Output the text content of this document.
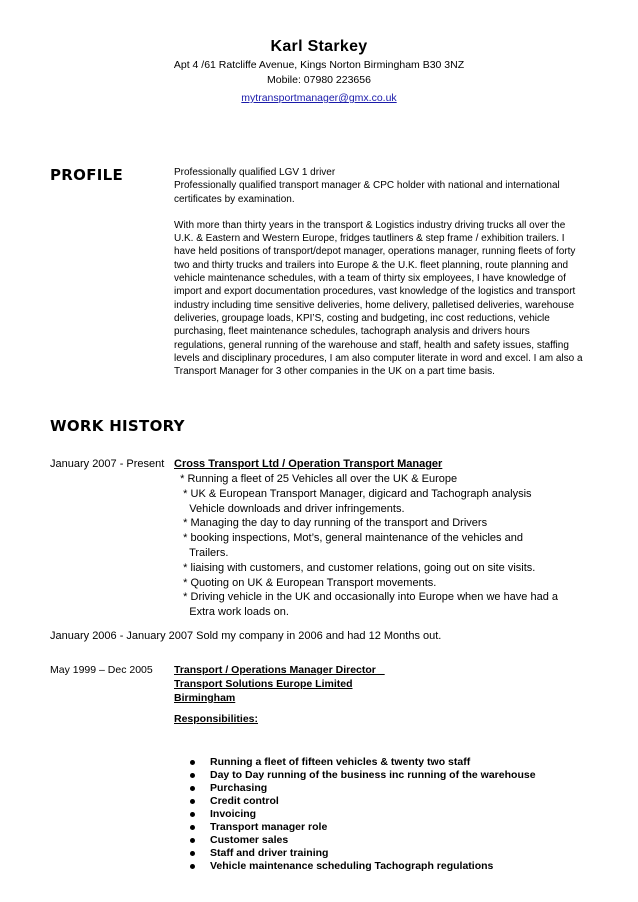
Karl Starkey
Apt 4 /61 Ratcliffe Avenue, Kings Norton Birmingham B30 3NZ
Mobile: 07980 223656
mytransportmanager@gmx.co.uk
PROFILE	Professionally qualified LGV 1 driver

Professionally qualified transport manager & CPC holder with national and international certificates by examination.

With more than thirty years in the transport & Logistics industry driving trucks all over the U.K. & Eastern and Western Europe, fridges tautliners & step frame / exhibition trailers. I have held positions of transport/depot manager, operations manager, running fleets of forty two and thirty trucks and trailers into Europe & the U.K. fleet planning, route planning and vehicle maintenance schedules, with a team of thirty six employees, I have knowledge of import and export documentation procedures, vast knowledge of the logistics and transport industry including time sensitive deliveries, home delivery, palletised deliveries, warehouse deliveries, groupage loads, KPI’S, costing and budgeting, inc cost reductions, vehicle purchasing, fleet maintenance schedules, tachograph analysis and drivers hours regulations, general running of the warehouse and staff, health and safety issues, staffing levels and disciplinary procedures, I am also computer literate in word and excel. I am also a Transport Manager for 3 other companies in the UK on a part time basis.

WORK HISTORY
January 2007 - Present Cross Transport Ltd / Operation Transport Manager
* Running a fleet of 25 Vehicles all over the UK & Europe
* UK & European Transport Manager, digicard and Tachograph analysis
Vehicle downloads and driver infringements.
* Managing the day to day running of the transport and Drivers
* booking inspections, Mot’s, general maintenance of the vehicles and
Trailers.
* liaising with customers, and customer relations, going out on site visits.
* Quoting on UK & European Transport movements.
* Driving vehicle in the UK and occasionally into Europe when we have had a
Extra work loads on.
January 2006 - January 2007 Sold my company in 2006 and had 12 Months out.
May 1999 – Dec 2005 Transport / Operations Manager Director _
Transport Solutions Europe Limited
Birmingham
Responsibilities:
Running a fleet of fifteen vehicles & twenty two staff
Day to Day running of the business inc running of the warehouse
Purchasing
Credit control
Invoicing
Transport manager role
Customer sales
Staff and driver training
Vehicle maintenance scheduling Tachograph regulations
